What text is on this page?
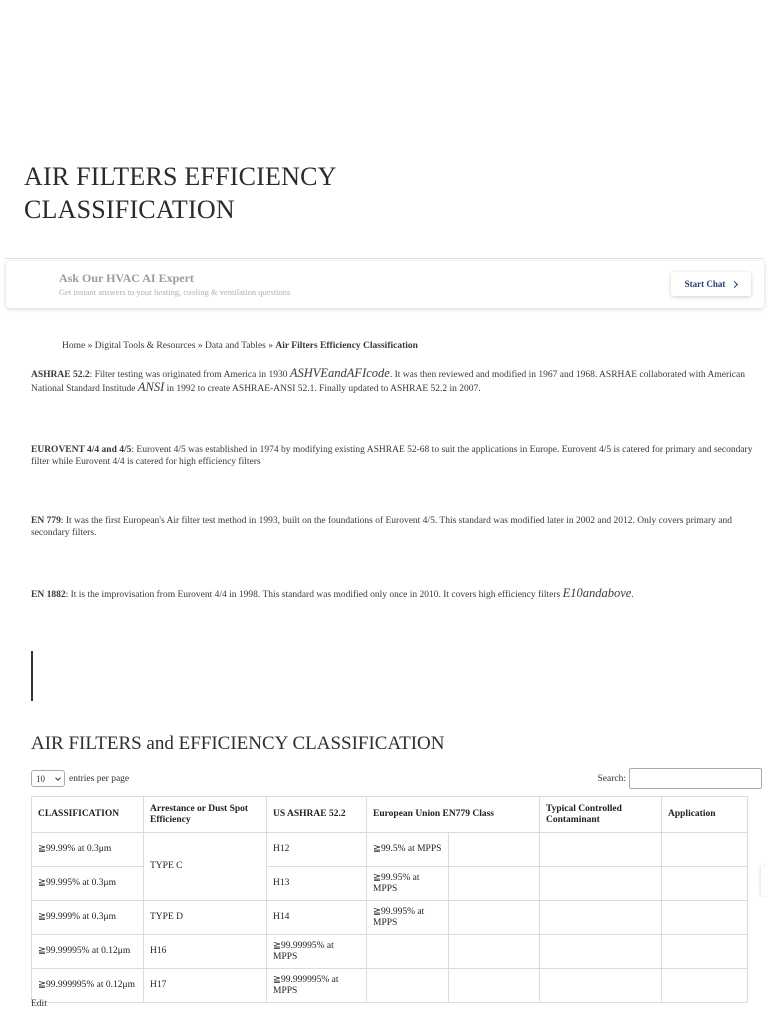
AIR FILTERS EFFICIENCY CLASSIFICATION
Ask Our HVAC AI Expert
Get instant answers to your heating, cooling & ventilation questions
Start Chat
Home » Digital Tools & Resources » Data and Tables » Air Filters Efficiency Classification

ASHRAE 52.2: Filter testing was originated from America in 1930 ASHVEandAFIcode. It was then reviewed and modified in 1967 and 1968. ASRHAE collaborated with American National Standard Institude ANSI in 1992 to create ASHRAE-ANSI 52.1. Finally updated to ASHRAE 52.2 in 2007.

EUROVENT 4/4 and 4/5: Eurovent 4/5 was established in 1974 by modifying existing ASHRAE 52-68 to suit the applications in Europe. Eurovent 4/5 is catered for primary and secondary filter while Eurovent 4/4 is catered for high efficiency filters

EN 779: It was the first European's Air filter test method in 1993, built on the foundations of Eurovent 4/5. This standard was modified later in 2002 and 2012. Only covers primary and secondary filters.

EN 1882: It is the improvisation from Eurovent 4/4 in 1998. This standard was modified only once in 2010. It covers high efficiency filters E10andabove.

AIR FILTERS and EFFICIENCY CLASSIFICATION
10	entries per page	Search:
CLASSIFICATION	Arrestance or Dust Spot Efficiency	US ASHRAE 52.2	European Union EN779 Class		Typical Controlled Contaminant	Application
≧99.99% at 0.3μm	TYPE C	H12	≧99.5% at MPPS			
≧99.995% at 0.3μm		H13	≧99.95% at MPPS			
≧99.999% at 0.3μm	TYPE D	H14	≧99.995% at MPPS			
≧99.99995% at 0.12μm	H16	≧99.99995% at MPPS				
≧99.999995% at 0.12μm	H17	≧99.999995% at MPPS				
Edit
